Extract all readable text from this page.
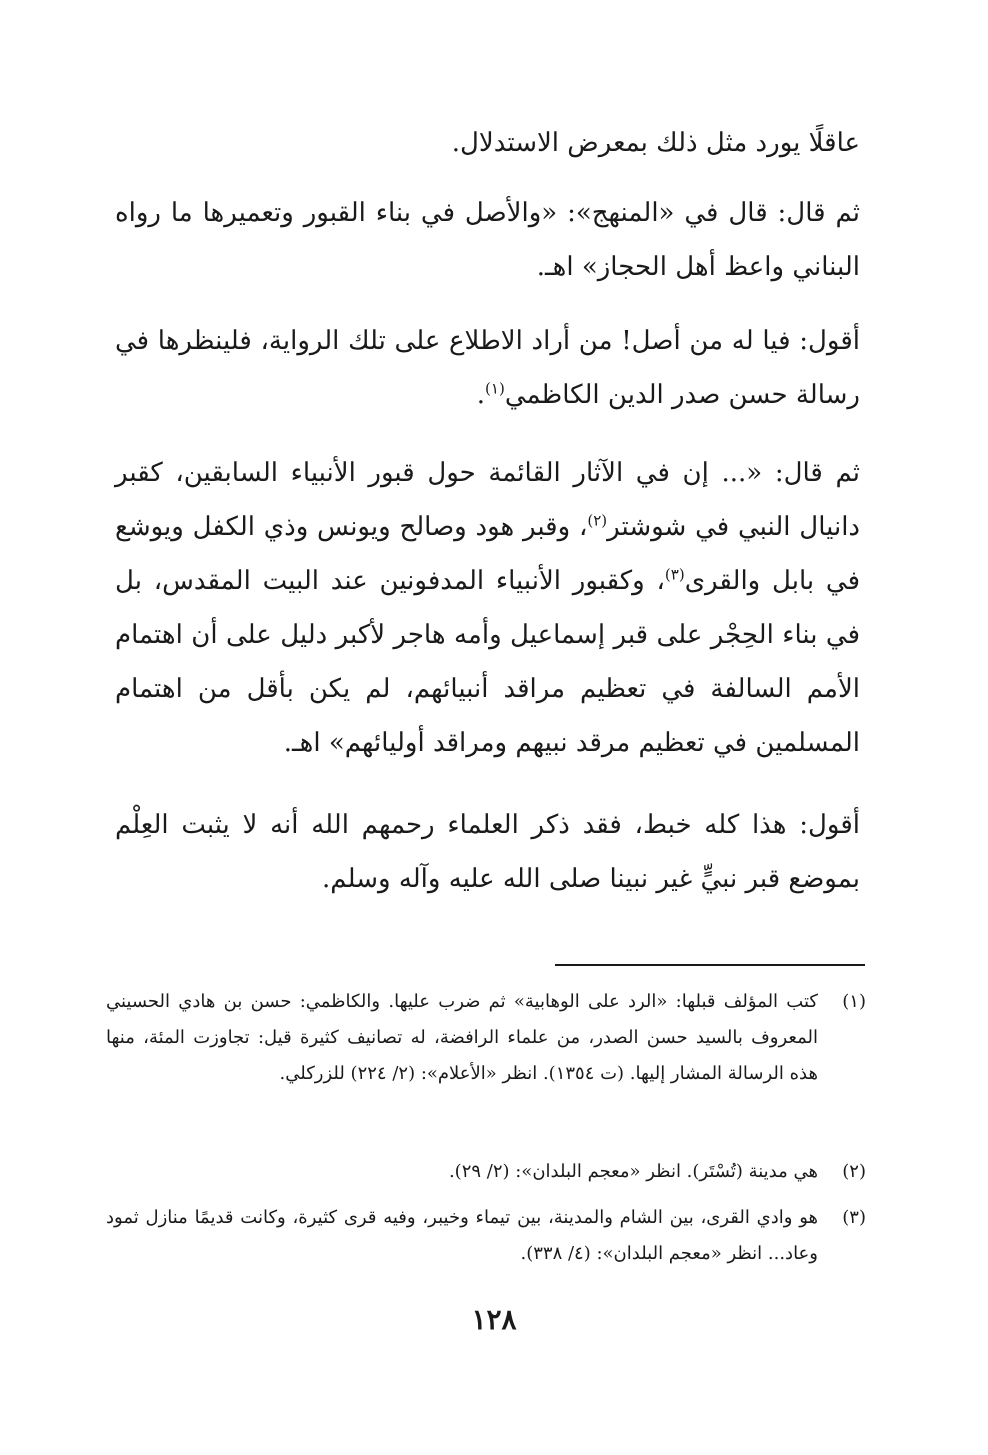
عاقلًا يورد مثل ذلك بمعرض الاستدلال.

ثم قال: قال في «المنهج»: «والأصل في بناء القبور وتعميرها ما رواه البناني واعظ أهل الحجاز» اهـ.

أقول: فيا له من أصل! من أراد الاطلاع على تلك الرواية، فلينظرها في رسالة حسن صدر الدين الكاظمي$^{(١)}$.

ثم قال: «... إن في الآثار القائمة حول قبور الأنبياء السابقين، كقبر دانيال النبي في شوشتر$^{(٢)}$، وقبر هود وصالح ويونس وذي الكفل ويوشع في بابل والقرى$^{(٣)}$، وكقبور الأنبياء المدفونين عند البيت المقدس، بل في بناء الحِجْر على قبر إسماعيل وأمه هاجر لأكبر دليل على أن اهتمام الأمم السالفة في تعظيم مراقد أنبيائهم، لم يكن بأقل من اهتمام المسلمين في تعظيم مرقد نبيهم ومراقد أوليائهم» اهـ.

أقول: هذا كله خبط، فقد ذكر العلماء رحمهم الله أنه لا يثبت العِلْم بموضع قبر نبيٍّ غير نبينا صلى الله عليه وآله وسلم.

(١)
كتب المؤلف قبلها: «الرد على الوهابية» ثم ضرب عليها. والكاظمي: حسن بن هادي الحسيني المعروف بالسيد حسن الصدر، من علماء الرافضة، له تصانيف كثيرة قيل: تجاوزت المئة، منها هذه الرسالة المشار إليها. (ت ١٣٥٤). انظر «الأعلام»: (٢/ ٢٢٤) للزركلي.
(٢)
هي مدينة (تُسْتَر). انظر «معجم البلدان»: (٢/ ٢٩).
(٣)
هو وادي القرى، بين الشام والمدينة، بين تيماء وخيبر، وفيه قرى كثيرة، وكانت قديمًا منازل ثمود وعاد... انظر «معجم البلدان»: (٤/ ٣٣٨).
١٢٨
